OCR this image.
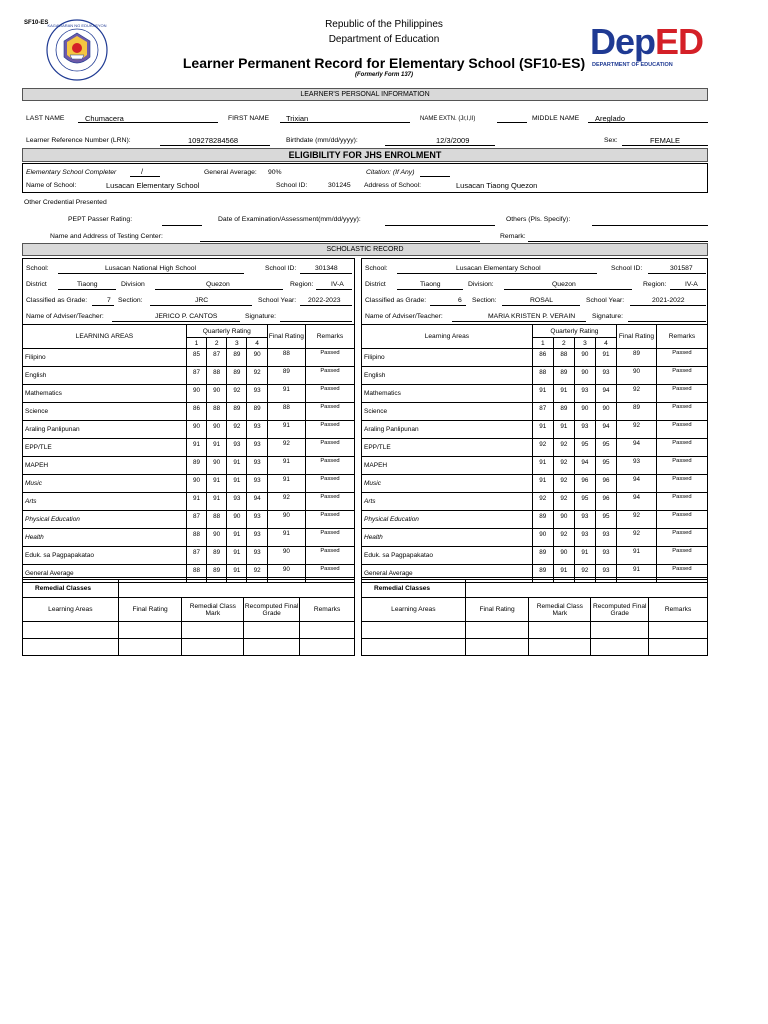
SF10-ES KAGAWARAN NG EDUKASYON	Republic of the Philippines
Department of Education
Learner Permanent Record for Elementary School (SF10-ES)
(Formerly Form 137)
DepED
DEPARTMENT OF EDUCATION
LEARNER'S PERSONAL INFORMATION
LAST NAME	Chumacera	FIRST NAME Trixian	NAME EXTN. (Jr,I,II)	MIDDLE NAME Areglado
Learner Reference Number (LRN):	109278284568	Birthdate (mm/dd/yyyy):	12/3/2009	Sex:	FEMALE
ELIGIBILITY FOR JHS ENROLMENT
Elementary School Completer	/	General Average: 90%	Citation: (If Any)
Name of School:	Lusacan Elementary School	School ID:	301245 Address of School:	Lusacan Tiaong Quezon
Other Credential Presented
PEPT Passer Rating:	Date of Examination/Assessment(mm/dd/yyyy):	Others (Pls. Specify):
Name and Address of Testing Center:	Remark:
SCHOLASTIC RECORD
School:	Lusacan National High School	School ID:	301348
District	Tiaong	Division	Quezon	Region:	IV-A
Classified as Grade:	7 Section:	JRC	School Year: 2022-2023
Name of Adviser/Teacher:	JERICO P. CANTOS	Signature:
LEARNING AREAS	Quarterly Rating				Final Rating	Remarks
	1	2	3	4		
Filipino	85	87	89	90	88	Passed
English	87	88	89	92	89	Passed
Mathematics	90	90	92	93	91	Passed
Science	86	88	89	89	88	Passed
Araling Panlipunan	90	90	92	93	91	Passed
EPP/TLE	91	91	93	93	92	Passed
MAPEH	89	90	91	93	91	Passed
Music	90	91	91	93	91	Passed
Arts	91	91	93	94	92	Passed
Physical Education	87	88	90	93	90	Passed
Health	88	90	91	93	91	Passed
Eduk. sa Pagpapakatao	87	89	91	93	90	Passed
General Average	88	89	91	92	90	Passed
School:	Lusacan Elementary School	School ID:	301587
District	Tiaong	Division:	Quezon	Region:	IV-A
Classified as Grade:	6 Section:	ROSAL	School Year:	2021-2022
Name of Adviser/Teacher:	MARIA KRISTEN P. VERAIN Signature:
Learning Areas	Quarterly Rating				Final Rating	Remarks
	1	2	3	4		
Filipino	86	88	90	91	89	Passed
English	88	89	90	93	90	Passed
Mathematics	91	91	93	94	92	Passed
Science	87	89	90	90	89	Passed
Araling Panlipunan	91	91	93	94	92	Passed
EPP/TLE	92	92	95	95	94	Passed
MAPEH	91	92	94	95	93	Passed
Music	91	92	96	96	94	Passed
Arts	92	92	95	96	94	Passed
Physical Education	89	90	93	95	92	Passed
Health	90	92	93	93	92	Passed
Eduk. sa Pagpapakatao	89	90	91	93	91	Passed
General Average	89	91	92	93	91	Passed
Remedial Classes				
Learning Areas	Final Rating	Remedial Class Mark	Recomputed Final Grade	Remarks

Remedial Classes				
Learning Areas	Final Rating	Remedial Class Mark	Recomputed Final Grade	Remarks
